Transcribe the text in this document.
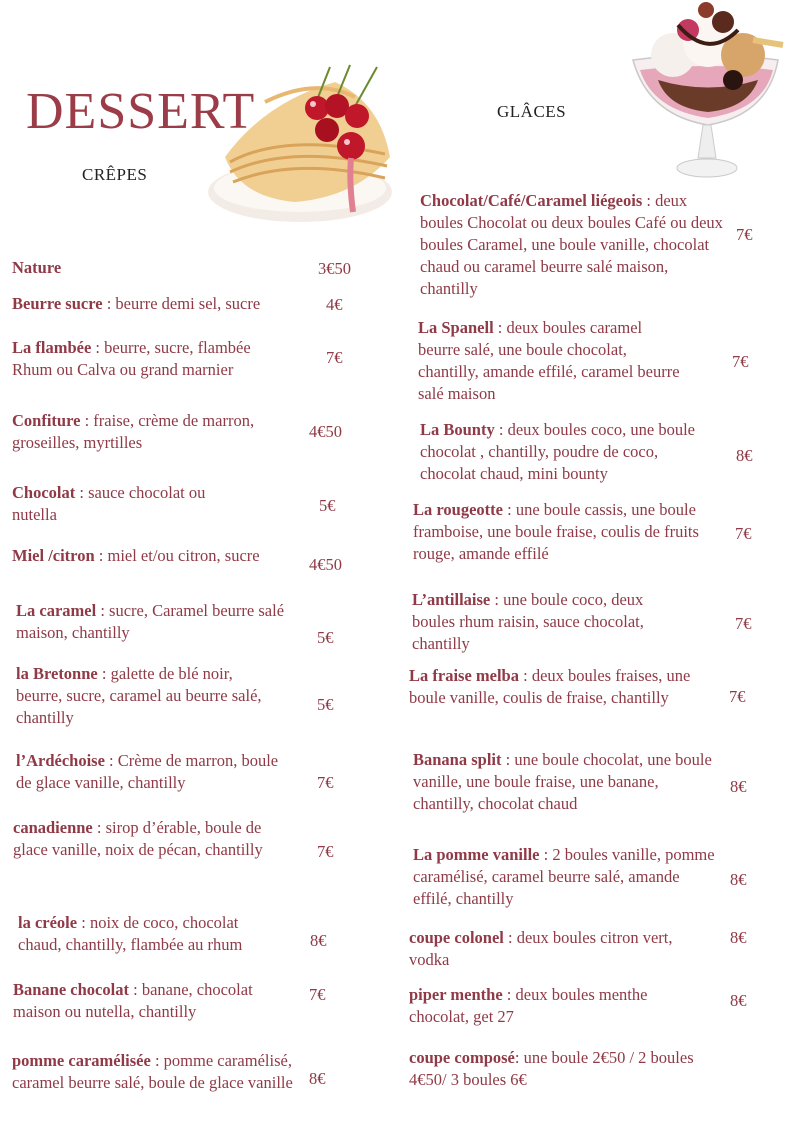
DESSERT
CRÊPES
GLÂCES
Nature	3€50
Beurre sucre : beurre demi sel, sucre	4€
La flambée : beurre, sucre, flambée Rhum ou Calva ou grand marnier
7€
Confiture : fraise, crème de marron, groseilles, myrtilles
4€50
Chocolat : sauce chocolat ou nutella	5€
Miel /citron : miel et/ou citron, sucre	4€50
La caramel : sucre, Caramel beurre salé maison, chantilly	5€
la Bretonne : galette de blé noir, beurre, sucre, caramel au beurre salé, chantilly
5€
l’Ardéchoise : Crème de marron, boule de glace vanille, chantilly	7€
canadienne : sirop d’érable, boule de glace vanille, noix de pécan, chantilly	7€
la créole : noix de coco, chocolat chaud, chantilly, flambée au rhum	8€
Banane chocolat : banane, chocolat maison ou nutella, chantilly
7€
pomme caramélisée : pomme caramélisé, caramel beurre salé, boule de glace vanille 8€
Chocolat/Café/Caramel liégeois : deux boules Chocolat ou deux boules Café ou deux boules Caramel, une boule vanille, chocolat chaud ou caramel beurre salé maison, chantilly
7€
La Spanell : deux boules caramel beurre salé, une boule chocolat, chantilly, amande effilé, caramel beurre salé maison
7€
La Bounty : deux boules coco, une boule chocolat , chantilly, poudre de coco, chocolat chaud, mini bounty
8€
La rougeotte : une boule cassis, une boule framboise, une boule fraise, coulis de fruits rouge, amande effilé
7€
L’antillaise : une boule coco, deux boules rhum raisin, sauce chocolat, chantilly
7€
La fraise melba : deux boules fraises, une boule vanille, coulis de fraise, chantilly	7€
Banana split : une boule chocolat, une boule vanille, une boule fraise, une banane, chantilly, chocolat chaud
8€
La pomme vanille : 2 boules vanille, pomme caramélisé, caramel beurre salé, amande effilé, chantilly
8€
coupe colonel : deux boules citron vert, vodka
8€
piper menthe : deux boules menthe chocolat, get 27
8€
coupe composé: une boule 2€50 / 2 boules 4€50/ 3 boules 6€
